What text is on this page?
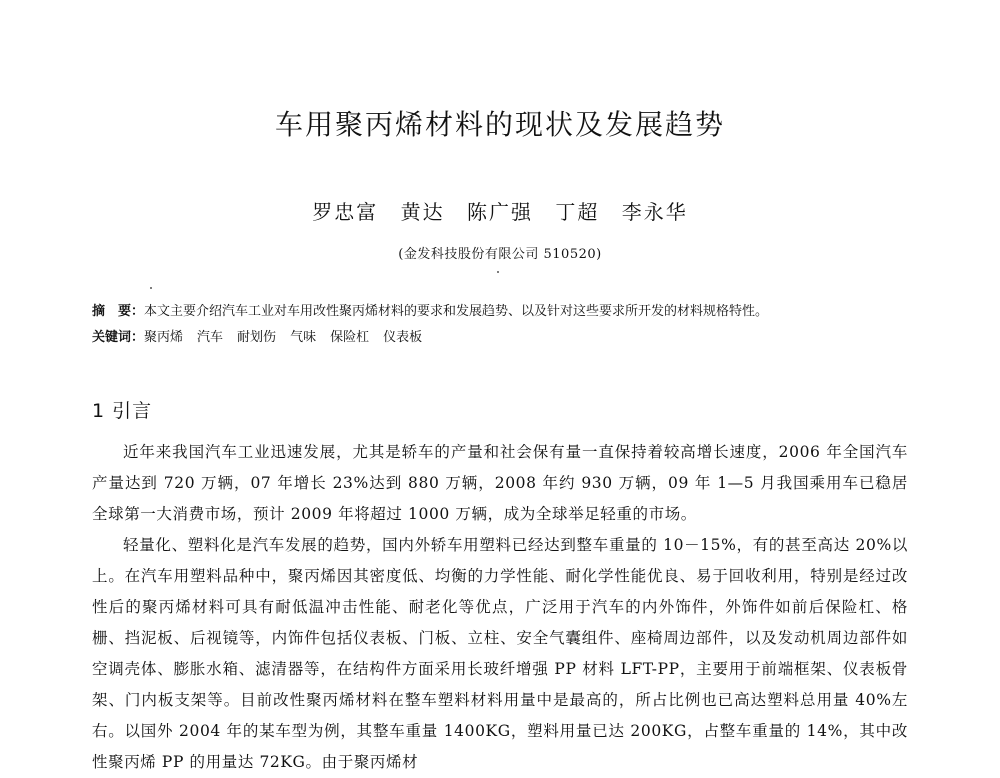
车用聚丙烯材料的现状及发展趋势
罗忠富 黄达 陈广强 丁超 李永华
(金发科技股份有限公司 510520)
摘　要：本文主要介绍汽车工业对车用改性聚丙烯材料的要求和发展趋势、以及针对这些要求所开发的材料规格特性。
关键词：聚丙烯 汽车 耐划伤 气味 保险杠 仪表板
1 引言

近年来我国汽车工业迅速发展，尤其是轿车的产量和社会保有量一直保持着较高增长速度，2006 年全国汽车产量达到 720 万辆，07 年增长 23%达到 880 万辆，2008 年约 930 万辆，09 年 1—5 月我国乘用车已稳居全球第一大消费市场，预计 2009 年将超过 1000 万辆，成为全球举足轻重的市场。

轻量化、塑料化是汽车发展的趋势，国内外轿车用塑料已经达到整车重量的 10－15%，有的甚至高达 20%以上。在汽车用塑料品种中，聚丙烯因其密度低、均衡的力学性能、耐化学性能优良、易于回收利用，特别是经过改性后的聚丙烯材料可具有耐低温冲击性能、耐老化等优点，广泛用于汽车的内外饰件，外饰件如前后保险杠、格栅、挡泥板、后视镜等，内饰件包括仪表板、门板、立柱、安全气囊组件、座椅周边部件，以及发动机周边部件如空调壳体、膨胀水箱、滤清器等，在结构件方面采用长玻纤增强 PP 材料 LFT-PP，主要用于前端框架、仪表板骨架、门内板支架等。目前改性聚丙烯材料在整车塑料材料用量中是最高的，所占比例也已高达塑料总用量 40%左右。以国外 2004 年的某车型为例，其整车重量 1400KG，塑料用量已达 200KG，占整车重量的 14%，其中改性聚丙烯 PP 的用量达 72KG。由于聚丙烯材
